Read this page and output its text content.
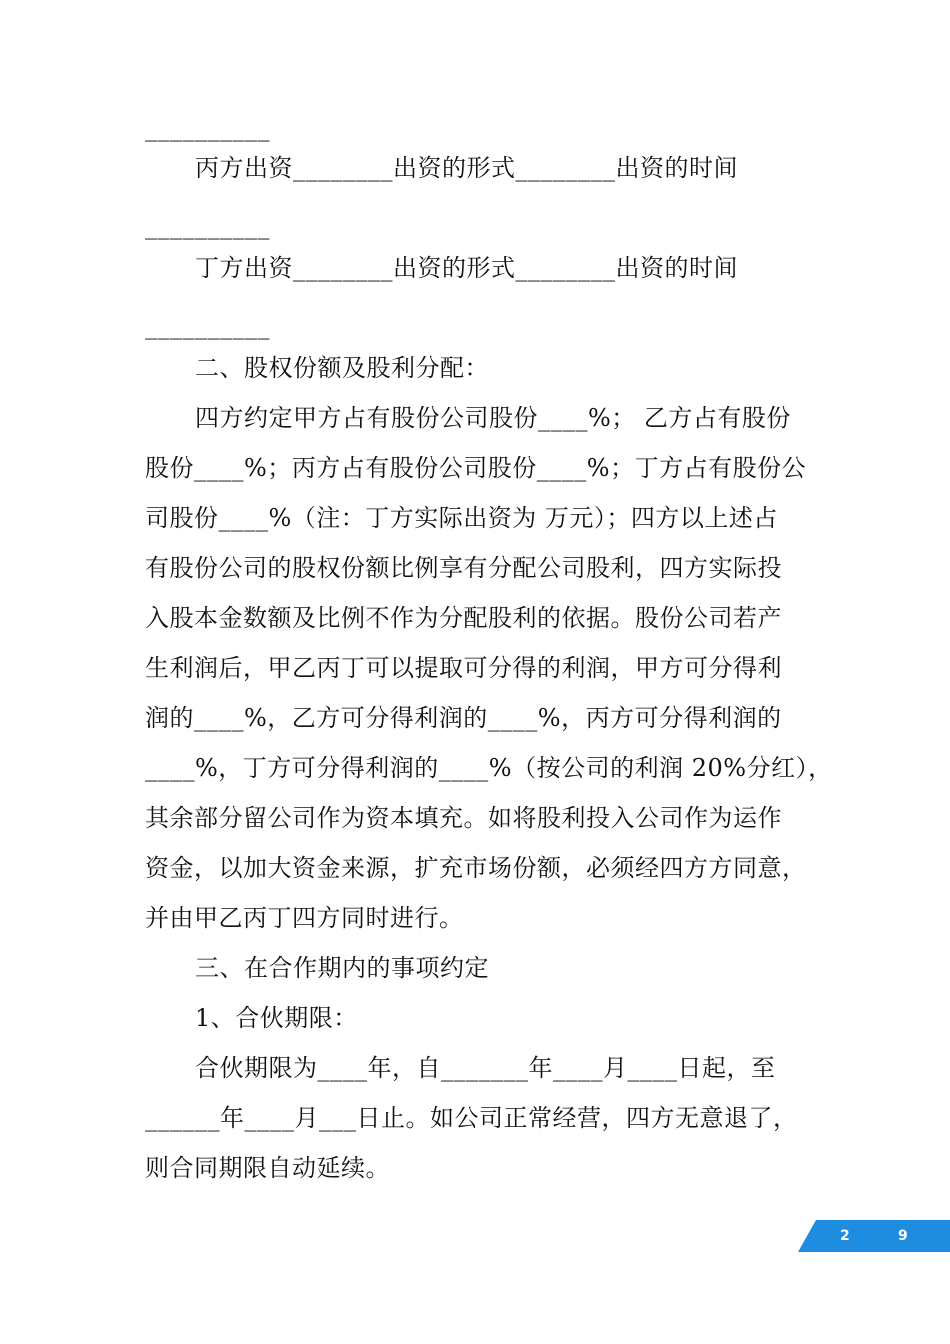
__________
丙方出资________出资的形式________出资的时间
__________
丁方出资________出资的形式________出资的时间
__________
二、股权份额及股利分配：
四方约定甲方占有股份公司股份____%； 乙方占有股份
股份____%；丙方占有股份公司股份____%；丁方占有股份公
司股份____%（注：丁方实际出资为 万元）；四方以上述占
有股份公司的股权份额比例享有分配公司股利，四方实际投
入股本金数额及比例不作为分配股利的依据。股份公司若产
生利润后，甲乙丙丁可以提取可分得的利润，甲方可分得利
润的____%，乙方可分得利润的____%，丙方可分得利润的
____%，丁方可分得利润的____%（按公司的利润 20%分红），
其余部分留公司作为资本填充。如将股利投入公司作为运作
资金，以加大资金来源，扩充市场份额，必须经四方方同意，
并由甲乙丙丁四方同时进行。
三、在合作期内的事项约定
1、合伙期限：
合伙期限为____年，自_______年____月____日起，至
______年____月___日止。如公司正常经营，四方无意退了，
则合同期限自动延续。
2	9
